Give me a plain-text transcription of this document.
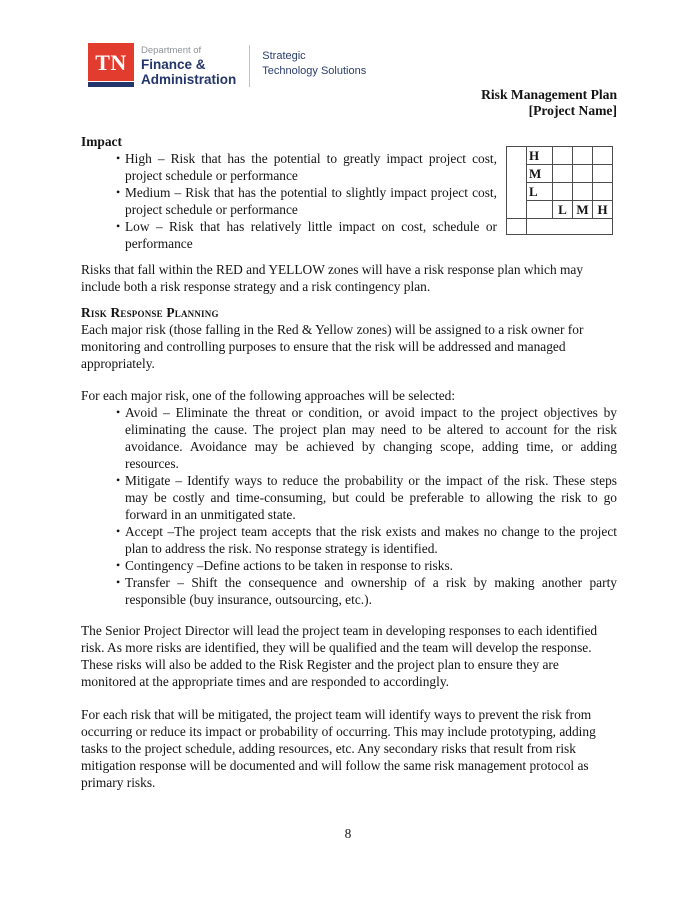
TN Department of
Finance &
Administration
Strategic
Technology Solutions
Risk Management Plan
[Project Name]

Impact

• High – Risk that has the potential to greatly impact project cost, project schedule or performance
• Medium – Risk that has the potential to slightly impact project cost, project schedule or performance
• Low – Risk that has relatively little impact on cost, schedule or performance
	H			
	M			
	L			
		L	M	H

Risks that fall within the RED and YELLOW zones will have a risk response plan which may include both a risk response strategy and a risk contingency plan.

Risk Response Planning

Each major risk (those falling in the Red & Yellow zones) will be assigned to a risk owner for monitoring and controlling purposes to ensure that the risk will be addressed and managed appropriately.

For each major risk, one of the following approaches will be selected:

• Avoid – Eliminate the threat or condition, or avoid impact to the project objectives by eliminating the cause. The project plan may need to be altered to account for the risk avoidance. Avoidance may be achieved by changing scope, adding time, or adding resources.
• Mitigate – Identify ways to reduce the probability or the impact of the risk. These steps may be costly and time-consuming, but could be preferable to allowing the risk to go forward in an unmitigated state.
• Accept –The project team accepts that the risk exists and makes no change to the project plan to address the risk. No response strategy is identified.
• Contingency –Define actions to be taken in response to risks.
• Transfer – Shift the consequence and ownership of a risk by making another party responsible (buy insurance, outsourcing, etc.).

The Senior Project Director will lead the project team in developing responses to each identified risk. As more risks are identified, they will be qualified and the team will develop the response. These risks will also be added to the Risk Register and the project plan to ensure they are monitored at the appropriate times and are responded to accordingly.

For each risk that will be mitigated, the project team will identify ways to prevent the risk from occurring or reduce its impact or probability of occurring. This may include prototyping, adding tasks to the project schedule, adding resources, etc. Any secondary risks that result from risk mitigation response will be documented and will follow the same risk management protocol as primary risks.

8
